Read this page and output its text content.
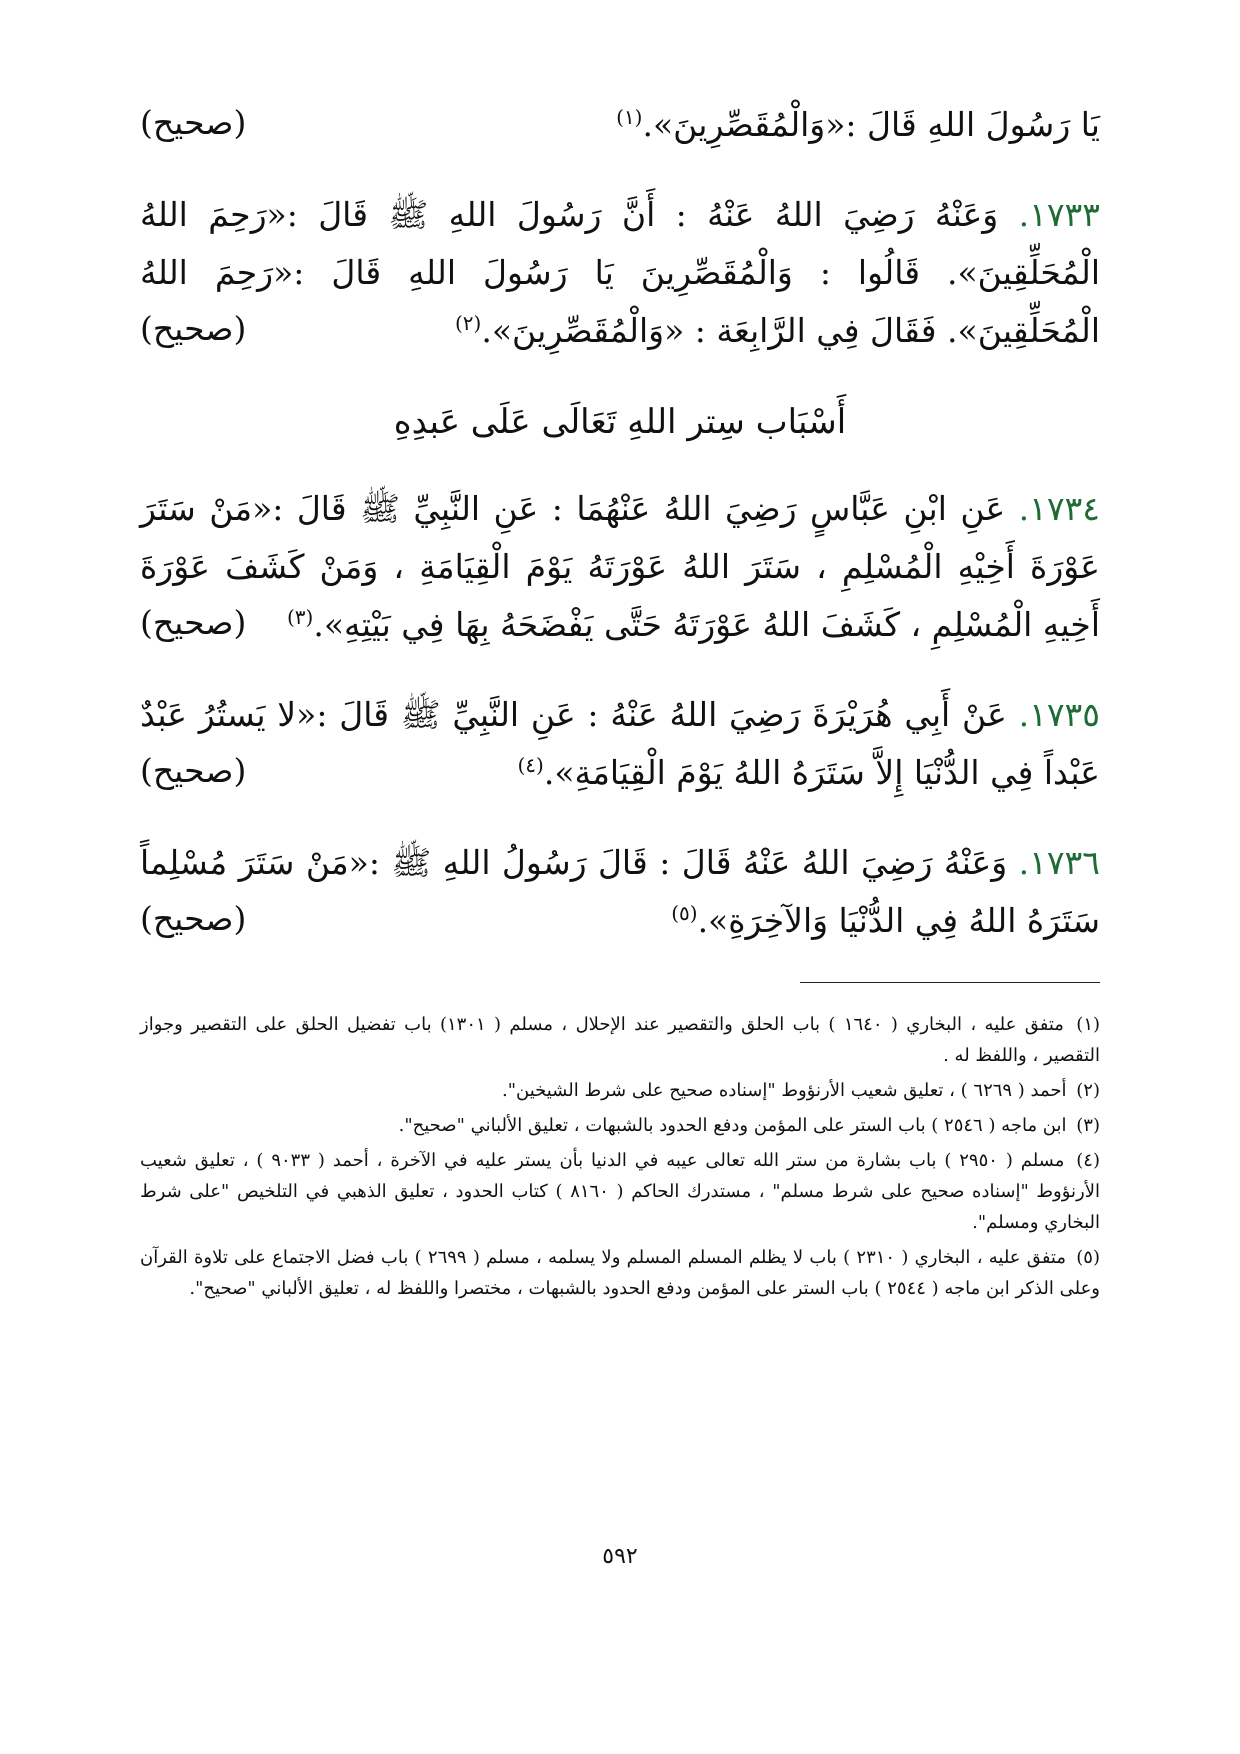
يَا رَسُولَ اللهِ قَالَ :«وَالْمُقَصِّرِينَ».$^{(١)}$
(صحيح)
١٧٣٣. وَعَنْهُ رَضِيَ اللهُ عَنْهُ : أَنَّ رَسُولَ اللهِ ﷺ قَالَ :«رَحِمَ اللهُ الْمُحَلِّقِينَ». قَالُوا : وَالْمُقَصِّرِينَ يَا رَسُولَ اللهِ قَالَ :«رَحِمَ اللهُ الْمُحَلِّقِينَ». فَقَالَ فِي الرَّابِعَة : «وَالْمُقَصِّرِينَ».$^{(٢)}$
(صحيح)
أَسْبَاب سِتر اللهِ تَعَالَى عَلَى عَبدِهِ
١٧٣٤. عَنِ ابْنِ عَبَّاسٍ رَضِيَ اللهُ عَنْهُمَا : عَنِ النَّبِيِّ ﷺ قَالَ :«مَنْ سَتَرَ عَوْرَةَ أَخِيْهِ الْمُسْلِمِ ، سَتَرَ اللهُ عَوْرَتَهُ يَوْمَ الْقِيَامَةِ ، وَمَنْ كَشَفَ عَوْرَةَ أَخِيهِ الْمُسْلِمِ ، كَشَفَ اللهُ عَوْرَتَهُ حَتَّى يَفْضَحَهُ بِهَا فِي بَيْتِهِ».$^{(٣)}$
(صحيح)
١٧٣٥. عَنْ أَبِي هُرَيْرَةَ رَضِيَ اللهُ عَنْهُ : عَنِ النَّبِيِّ ﷺ قَالَ :«لا يَستُرُ عَبْدٌ عَبْداً فِي الدُّنْيَا إِلاَّ سَتَرَهُ اللهُ يَوْمَ الْقِيَامَةِ».$^{(٤)}$
(صحيح)
١٧٣٦. وَعَنْهُ رَضِيَ اللهُ عَنْهُ قَالَ : قَالَ رَسُولُ اللهِ ﷺ :«مَنْ سَتَرَ مُسْلِماً سَتَرَهُ اللهُ فِي الدُّنْيَا وَالآخِرَةِ».$^{(٥)}$
(صحيح)
(١) متفق عليه ، البخاري ( ١٦٤٠ ) باب الحلق والتقصير عند الإحلال ، مسلم ( ١٣٠١) باب تفضيل الحلق على التقصير وجواز التقصير ، واللفظ له .
(٢) أحمد ( ٦٢٦٩ ) ، تعليق شعيب الأرنؤوط "إسناده صحيح على شرط الشيخين".
(٣) ابن ماجه ( ٢٥٤٦ ) باب الستر على المؤمن ودفع الحدود بالشبهات ، تعليق الألباني "صحيح".
(٤) مسلم ( ٢٩٥٠ ) باب بشارة من ستر الله تعالى عيبه في الدنيا بأن يستر عليه في الآخرة ، أحمد ( ٩٠٣٣ ) ، تعليق شعيب الأرنؤوط "إسناده صحيح على شرط مسلم" ، مستدرك الحاكم ( ٨١٦٠ ) كتاب الحدود ، تعليق الذهبي في التلخيص "على شرط البخاري ومسلم".
(٥) متفق عليه ، البخاري ( ٢٣١٠ ) باب لا يظلم المسلم المسلم ولا يسلمه ، مسلم ( ٢٦٩٩ ) باب فضل الاجتماع على تلاوة القرآن وعلى الذكر ابن ماجه ( ٢٥٤٤ ) باب الستر على المؤمن ودفع الحدود بالشبهات ، مختصرا واللفظ له ، تعليق الألباني "صحيح".
٥٩٢
